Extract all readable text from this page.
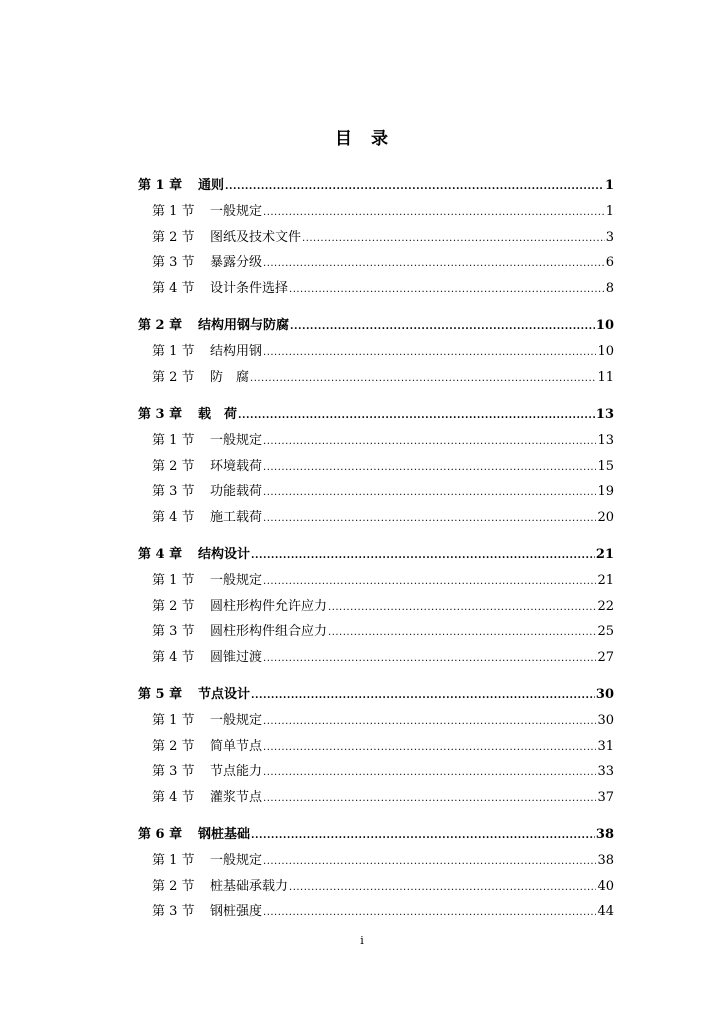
目 录
第 1 章	通则 .....	1
第 1 节	一般规定 .....	1
第 2 节	图纸及技术文件 .....	3
第 3 节	暴露分级 .....	6
第 4 节	设计条件选择 .....	8
第 2 章	结构用钢与防腐 .....	10
第 1 节	结构用钢 .....	10
第 2 节	防　腐 .....	11
第 3 章	载　荷 .....	13
第 1 节	一般规定 .....	13
第 2 节	环境载荷 .....	15
第 3 节	功能载荷 .....	19
第 4 节	施工载荷 .....	20
第 4 章	结构设计 .....	21
第 1 节	一般规定 .....	21
第 2 节	圆柱形构件允许应力 .....	22
第 3 节	圆柱形构件组合应力 .....	25
第 4 节	圆锥过渡 .....	27
第 5 章	节点设计 .....	30
第 1 节	一般规定 .....	30
第 2 节	简单节点 .....	31
第 3 节	节点能力 .....	33
第 4 节	灌浆节点 .....	37
第 6 章	钢桩基础 .....	38
第 1 节	一般规定 .....	38
第 2 节	桩基础承载力 .....	40
第 3 节	钢桩强度 .....	44
i
